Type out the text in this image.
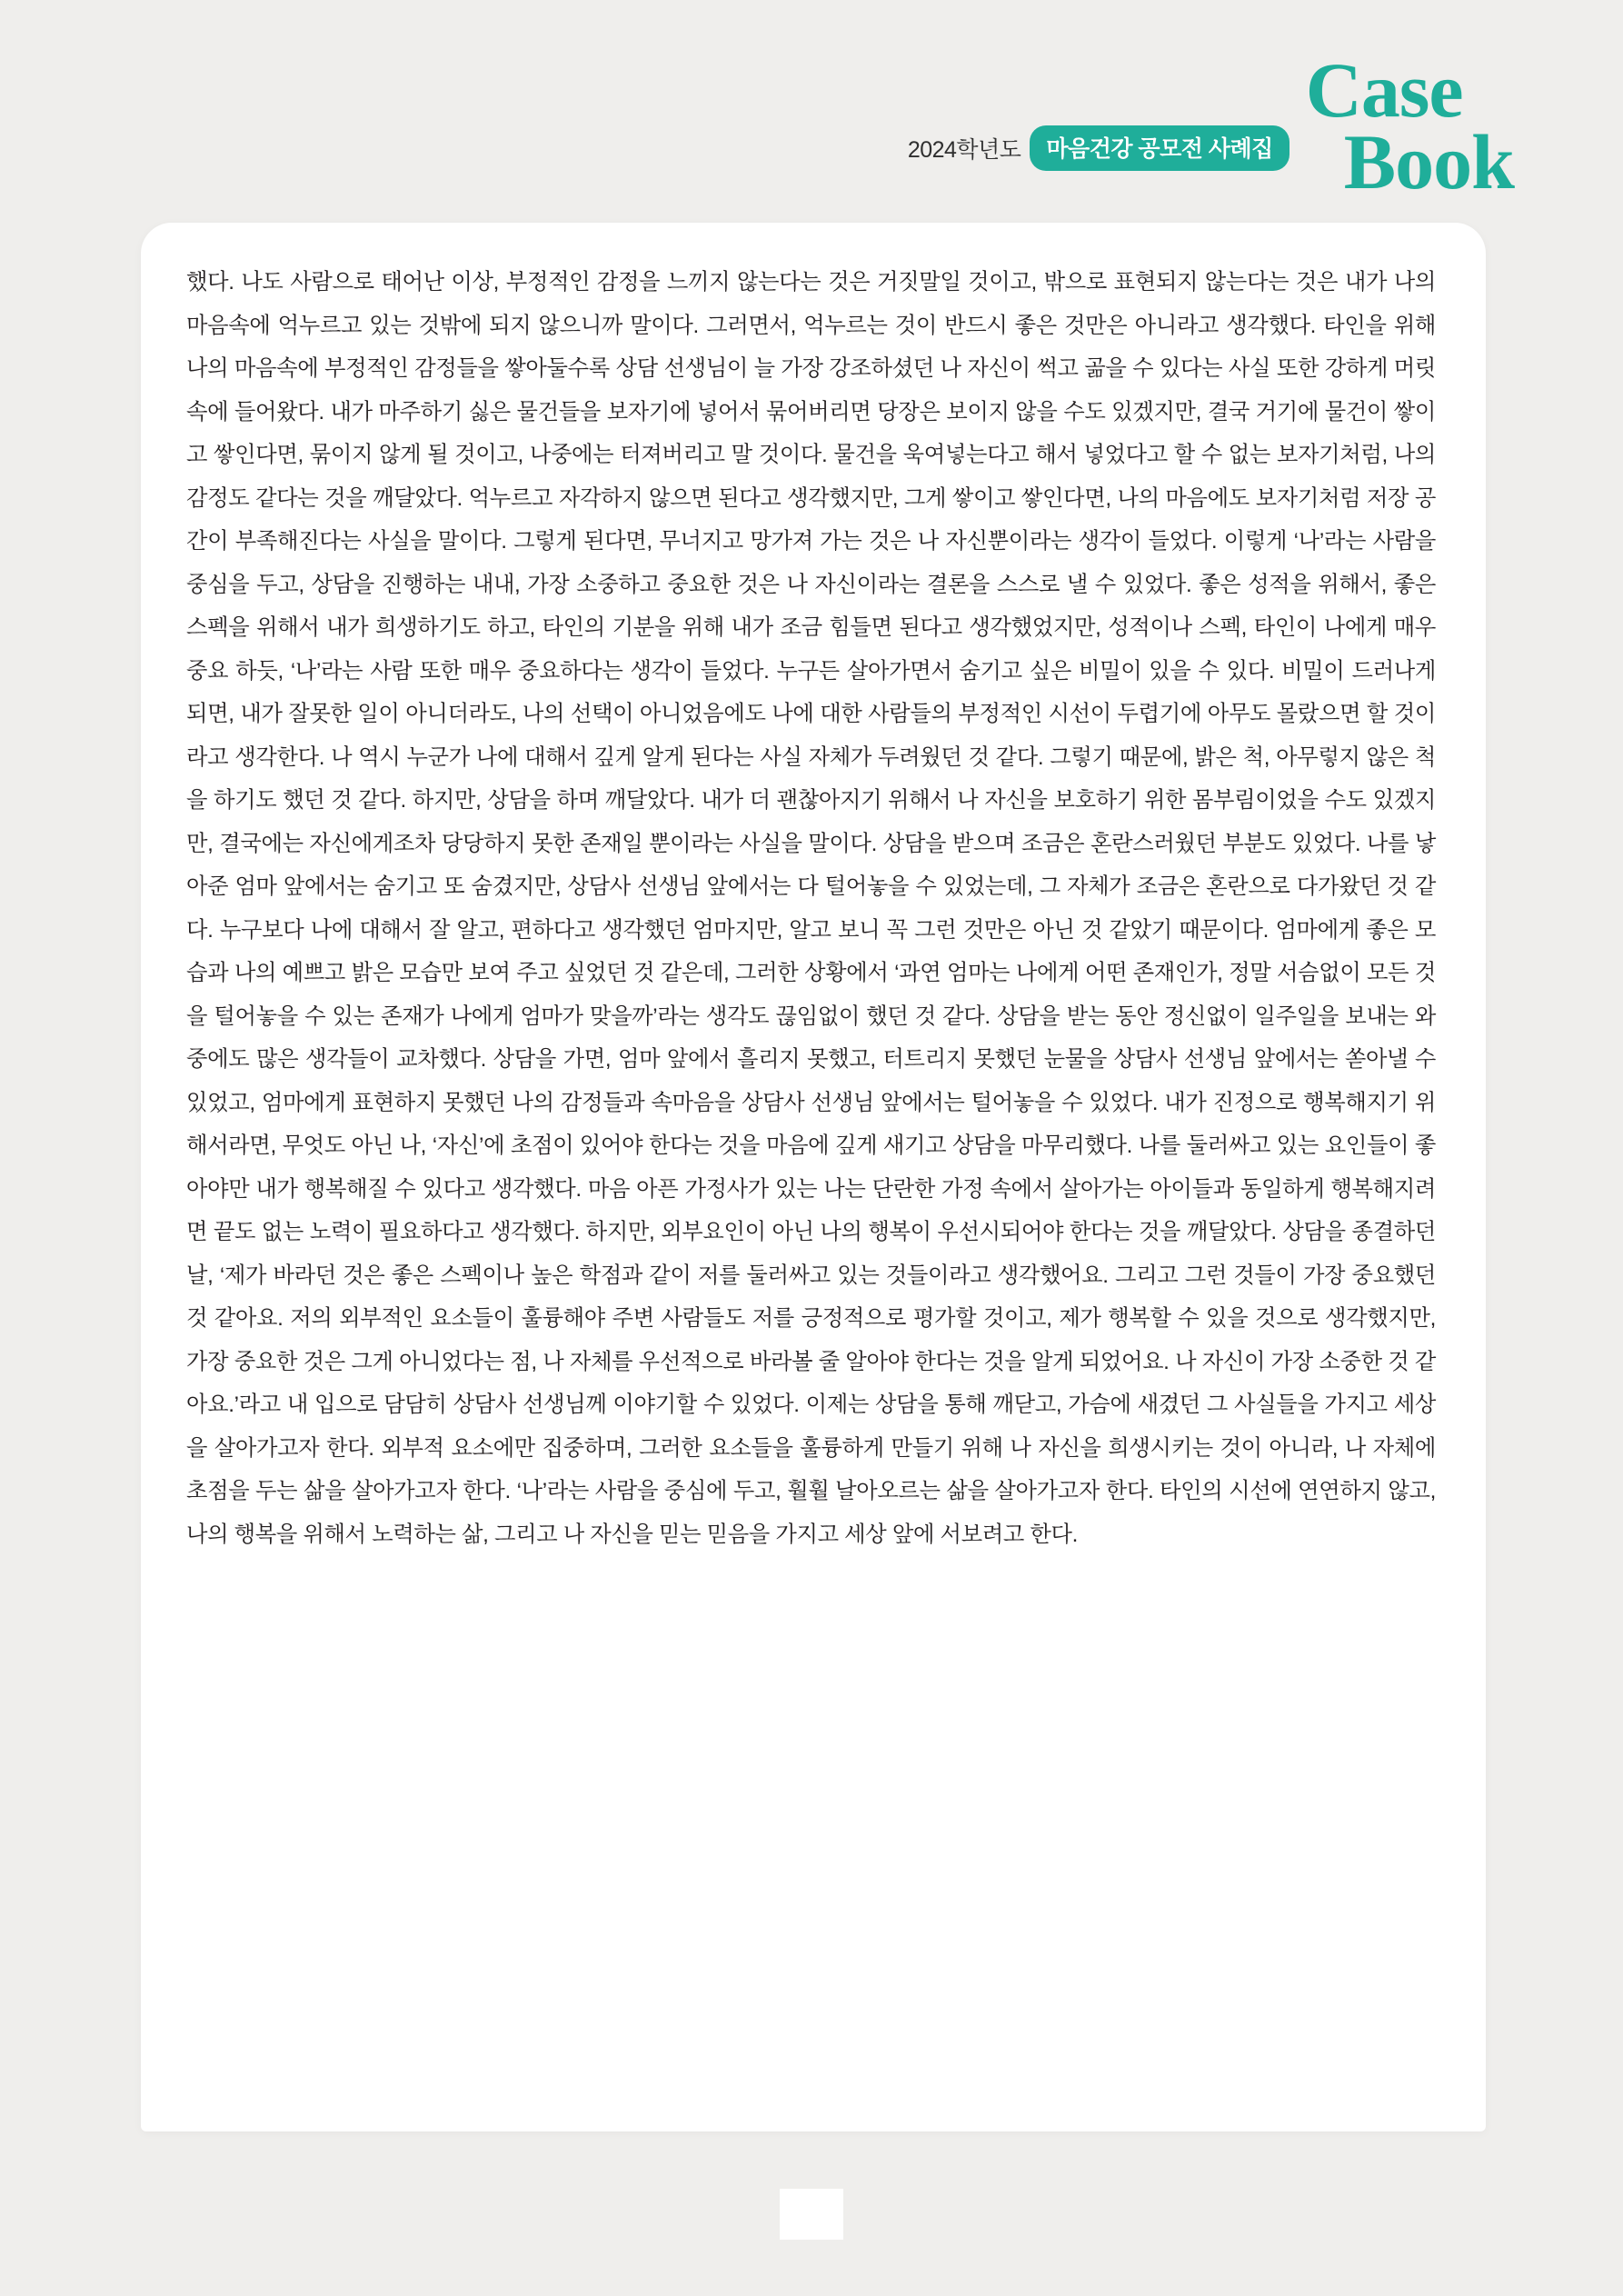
2024학년도	마음건강 공모전 사례집
Case
Book
했다. 나도 사람으로 태어난 이상, 부정적인 감정을 느끼지 않는다는 것은 거짓말일 것이고, 밖으로 표현되지 않는다는 것은 내가 나의 마음속에 억누르고 있는 것밖에 되지 않으니까 말이다. 그러면서, 억누르는 것이 반드시 좋은 것만은 아니라고 생각했다. 타인을 위해 나의 마음속에 부정적인 감정들을 쌓아둘수록 상담 선생님이 늘 가장 강조하셨던 나 자신이 썩고 곪을 수 있다는 사실 또한 강하게 머릿속에 들어왔다. 내가 마주하기 싫은 물건들을 보자기에 넣어서 묶어버리면 당장은 보이지 않을 수도 있겠지만, 결국 거기에 물건이 쌓이고 쌓인다면, 묶이지 않게 될 것이고, 나중에는 터져버리고 말 것이다. 물건을 욱여넣는다고 해서 넣었다고 할 수 없는 보자기처럼, 나의 감정도 같다는 것을 깨달았다. 억누르고 자각하지 않으면 된다고 생각했지만, 그게 쌓이고 쌓인다면, 나의 마음에도 보자기처럼 저장 공간이 부족해진다는 사실을 말이다. 그렇게 된다면, 무너지고 망가져 가는 것은 나 자신뿐이라는 생각이 들었다. 이렇게 ‘나’라는 사람을 중심을 두고, 상담을 진행하는 내내, 가장 소중하고 중요한 것은 나 자신이라는 결론을 스스로 낼 수 있었다. 좋은 성적을 위해서, 좋은 스펙을 위해서 내가 희생하기도 하고, 타인의 기분을 위해 내가 조금 힘들면 된다고 생각했었지만, 성적이나 스펙, 타인이 나에게 매우 중요 하듯, ‘나’라는 사람 또한 매우 중요하다는 생각이 들었다. 누구든 살아가면서 숨기고 싶은 비밀이 있을 수 있다. 비밀이 드러나게 되면, 내가 잘못한 일이 아니더라도, 나의 선택이 아니었음에도 나에 대한 사람들의 부정적인 시선이 두렵기에 아무도 몰랐으면 할 것이라고 생각한다. 나 역시 누군가 나에 대해서 깊게 알게 된다는 사실 자체가 두려웠던 것 같다. 그렇기 때문에, 밝은 척, 아무렇지 않은 척을 하기도 했던 것 같다. 하지만, 상담을 하며 깨달았다. 내가 더 괜찮아지기 위해서 나 자신을 보호하기 위한 몸부림이었을 수도 있겠지만, 결국에는 자신에게조차 당당하지 못한 존재일 뿐이라는 사실을 말이다. 상담을 받으며 조금은 혼란스러웠던 부분도 있었다. 나를 낳아준 엄마 앞에서는 숨기고 또 숨겼지만, 상담사 선생님 앞에서는 다 털어놓을 수 있었는데, 그 자체가 조금은 혼란으로 다가왔던 것 같다. 누구보다 나에 대해서 잘 알고, 편하다고 생각했던 엄마지만, 알고 보니 꼭 그런 것만은 아닌 것 같았기 때문이다. 엄마에게 좋은 모습과 나의 예쁘고 밝은 모습만 보여 주고 싶었던 것 같은데, 그러한 상황에서 ‘과연 엄마는 나에게 어떤 존재인가, 정말 서슴없이 모든 것을 털어놓을 수 있는 존재가 나에게 엄마가 맞을까’라는 생각도 끊임없이 했던 것 같다. 상담을 받는 동안 정신없이 일주일을 보내는 와중에도 많은 생각들이 교차했다. 상담을 가면, 엄마 앞에서 흘리지 못했고, 터트리지 못했던 눈물을 상담사 선생님 앞에서는 쏟아낼 수 있었고, 엄마에게 표현하지 못했던 나의 감정들과 속마음을 상담사 선생님 앞에서는 털어놓을 수 있었다. 내가 진정으로 행복해지기 위해서라면, 무엇도 아닌 나, ‘자신’에 초점이 있어야 한다는 것을 마음에 깊게 새기고 상담을 마무리했다. 나를 둘러싸고 있는 요인들이 좋아야만 내가 행복해질 수 있다고 생각했다. 마음 아픈 가정사가 있는 나는 단란한 가정 속에서 살아가는 아이들과 동일하게 행복해지려면 끝도 없는 노력이 필요하다고 생각했다. 하지만, 외부요인이 아닌 나의 행복이 우선시되어야 한다는 것을 깨달았다. 상담을 종결하던 날, ‘제가 바라던 것은 좋은 스펙이나 높은 학점과 같이 저를 둘러싸고 있는 것들이라고 생각했어요. 그리고 그런 것들이 가장 중요했던 것 같아요. 저의 외부적인 요소들이 훌륭해야 주변 사람들도 저를 긍정적으로 평가할 것이고, 제가 행복할 수 있을 것으로 생각했지만, 가장 중요한 것은 그게 아니었다는 점, 나 자체를 우선적으로 바라볼 줄 알아야 한다는 것을 알게 되었어요. 나 자신이 가장 소중한 것 같아요.’라고 내 입으로 담담히 상담사 선생님께 이야기할 수 있었다. 이제는 상담을 통해 깨닫고, 가슴에 새겼던 그 사실들을 가지고 세상을 살아가고자 한다. 외부적 요소에만 집중하며, 그러한 요소들을 훌륭하게 만들기 위해 나 자신을 희생시키는 것이 아니라, 나 자체에 초점을 두는 삶을 살아가고자 한다. ‘나’라는 사람을 중심에 두고, 훨훨 날아오르는 삶을 살아가고자 한다. 타인의 시선에 연연하지 않고, 나의 행복을 위해서 노력하는 삶, 그리고 나 자신을 믿는 믿음을 가지고 세상 앞에 서보려고 한다.
